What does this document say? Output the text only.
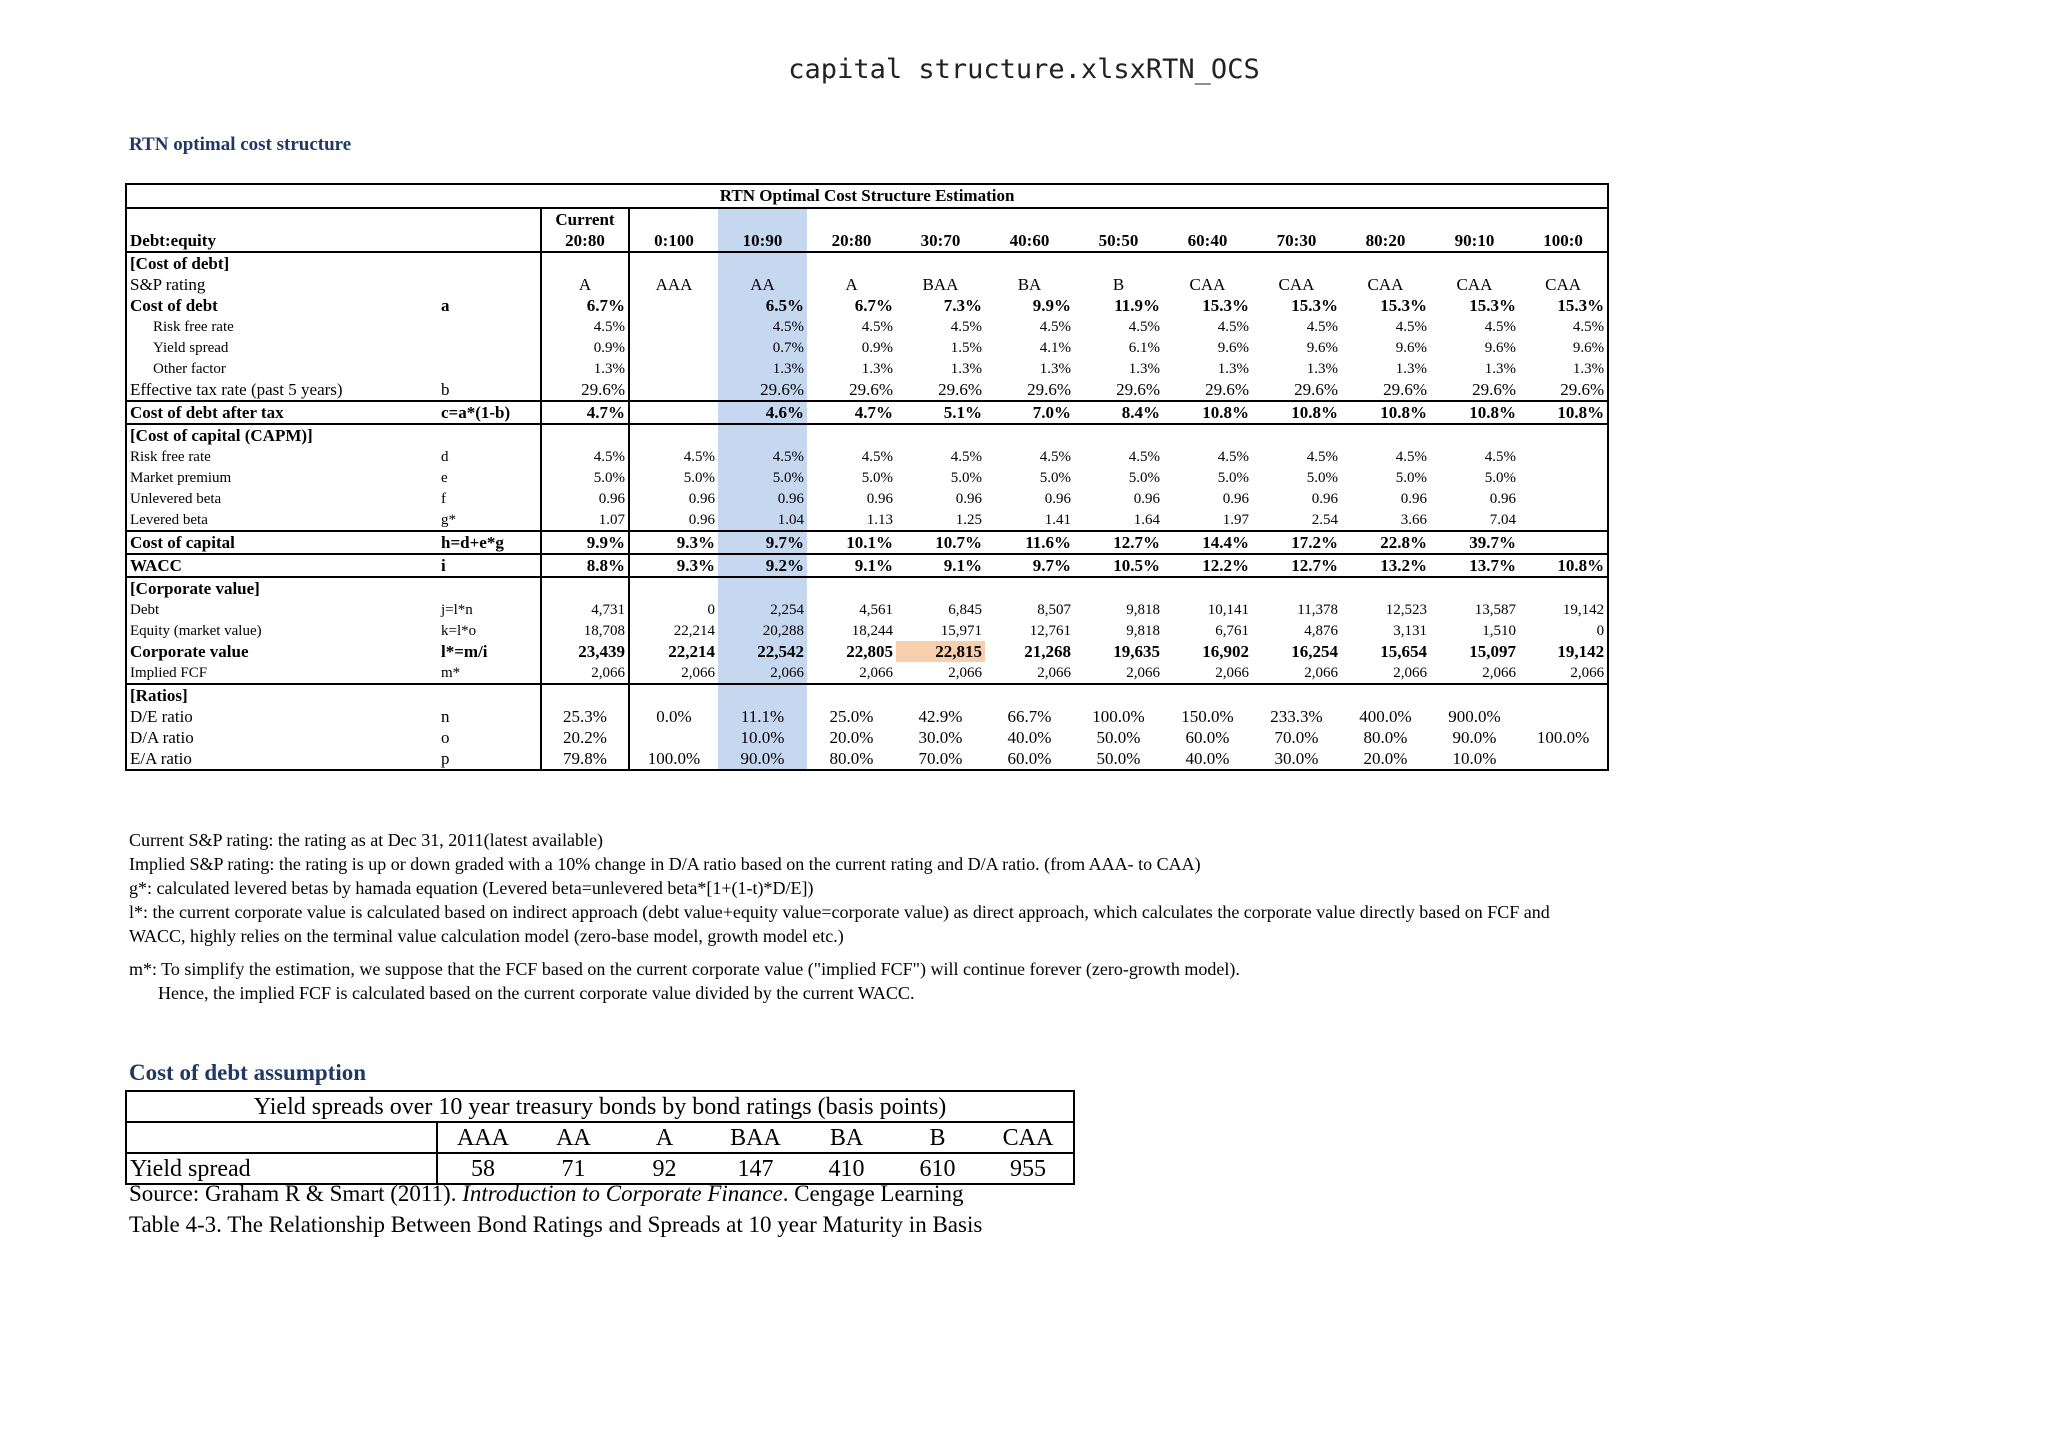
capital structure.xlsxRTN_OCS
RTN optimal cost structure
RTN Optimal Cost Structure Estimation													
		Current											
Debt:equity		20:80	0:100	10:90	20:80	30:70	40:60	50:50	60:40	70:30	80:20	90:10	100:0
[Cost of debt]													
S&P rating		A	AAA	AA	A	BAA	BA	B	CAA	CAA	CAA	CAA	CAA
Cost of debt	a	6.7%		6.5%	6.7%	7.3%	9.9%	11.9%	15.3%	15.3%	15.3%	15.3%	15.3%
Risk free rate		4.5%		4.5%	4.5%	4.5%	4.5%	4.5%	4.5%	4.5%	4.5%	4.5%	4.5%
Yield spread		0.9%		0.7%	0.9%	1.5%	4.1%	6.1%	9.6%	9.6%	9.6%	9.6%	9.6%
Other factor		1.3%		1.3%	1.3%	1.3%	1.3%	1.3%	1.3%	1.3%	1.3%	1.3%	1.3%
Effective tax rate (past 5 years)	b	29.6%		29.6%	29.6%	29.6%	29.6%	29.6%	29.6%	29.6%	29.6%	29.6%	29.6%
Cost of debt after tax	c=a*(1-b)	4.7%		4.6%	4.7%	5.1%	7.0%	8.4%	10.8%	10.8%	10.8%	10.8%	10.8%
[Cost of capital (CAPM)]													
Risk free rate	d	4.5%	4.5%	4.5%	4.5%	4.5%	4.5%	4.5%	4.5%	4.5%	4.5%	4.5%	
Market premium	e	5.0%	5.0%	5.0%	5.0%	5.0%	5.0%	5.0%	5.0%	5.0%	5.0%	5.0%	
Unlevered beta	f	0.96	0.96	0.96	0.96	0.96	0.96	0.96	0.96	0.96	0.96	0.96	
Levered beta	g*	1.07	0.96	1.04	1.13	1.25	1.41	1.64	1.97	2.54	3.66	7.04	
Cost of capital	h=d+e*g	9.9%	9.3%	9.7%	10.1%	10.7%	11.6%	12.7%	14.4%	17.2%	22.8%	39.7%	
WACC	i	8.8%	9.3%	9.2%	9.1%	9.1%	9.7%	10.5%	12.2%	12.7%	13.2%	13.7%	10.8%
[Corporate value]													
Debt	j=l*n	4,731	0	2,254	4,561	6,845	8,507	9,818	10,141	11,378	12,523	13,587	19,142
Equity (market value)	k=l*o	18,708	22,214	20,288	18,244	15,971	12,761	9,818	6,761	4,876	3,131	1,510	0
Corporate value	l*=m/i	23,439	22,214	22,542	22,805	22,815	21,268	19,635	16,902	16,254	15,654	15,097	19,142
Implied FCF	m*	2,066	2,066	2,066	2,066	2,066	2,066	2,066	2,066	2,066	2,066	2,066	2,066
[Ratios]													
D/E ratio	n	25.3%	0.0%	11.1%	25.0%	42.9%	66.7%	100.0%	150.0%	233.3%	400.0%	900.0%	
D/A ratio	o	20.2%		10.0%	20.0%	30.0%	40.0%	50.0%	60.0%	70.0%	80.0%	90.0%	100.0%
E/A ratio	p	79.8%	100.0%	90.0%	80.0%	70.0%	60.0%	50.0%	40.0%	30.0%	20.0%	10.0%	
Current S&P rating: the rating as at Dec 31, 2011(latest available)
Implied S&P rating: the rating is up or down graded with a 10% change in D/A ratio based on the current rating and D/A ratio. (from AAA- to CAA)
g*: calculated levered betas by hamada equation (Levered beta=unlevered beta*[1+(1-t)*D/E])
l*: the current corporate value is calculated based on indirect approach (debt value+equity value=corporate value) as direct approach, which calculates the corporate value directly based on FCF and WACC, highly relies on the terminal value calculation model (zero-base model, growth model etc.)
m*: To simplify the estimation, we suppose that the FCF based on the current corporate value ("implied FCF") will continue forever (zero-growth model).
Hence, the implied FCF is calculated based on the current corporate value divided by the current WACC.
Cost of debt assumption
Yield spreads over 10 year treasury bonds by bond ratings (basis points)							
	AAA	AA	A	BAA	BA	B	CAA
Yield spread	58	71	92	147	410	610	955
Source: Graham R & Smart (2011). Introduction to Corporate Finance. Cengage Learning
Table 4-3. The Relationship Between Bond Ratings and Spreads at 10 year Maturity in Basis
